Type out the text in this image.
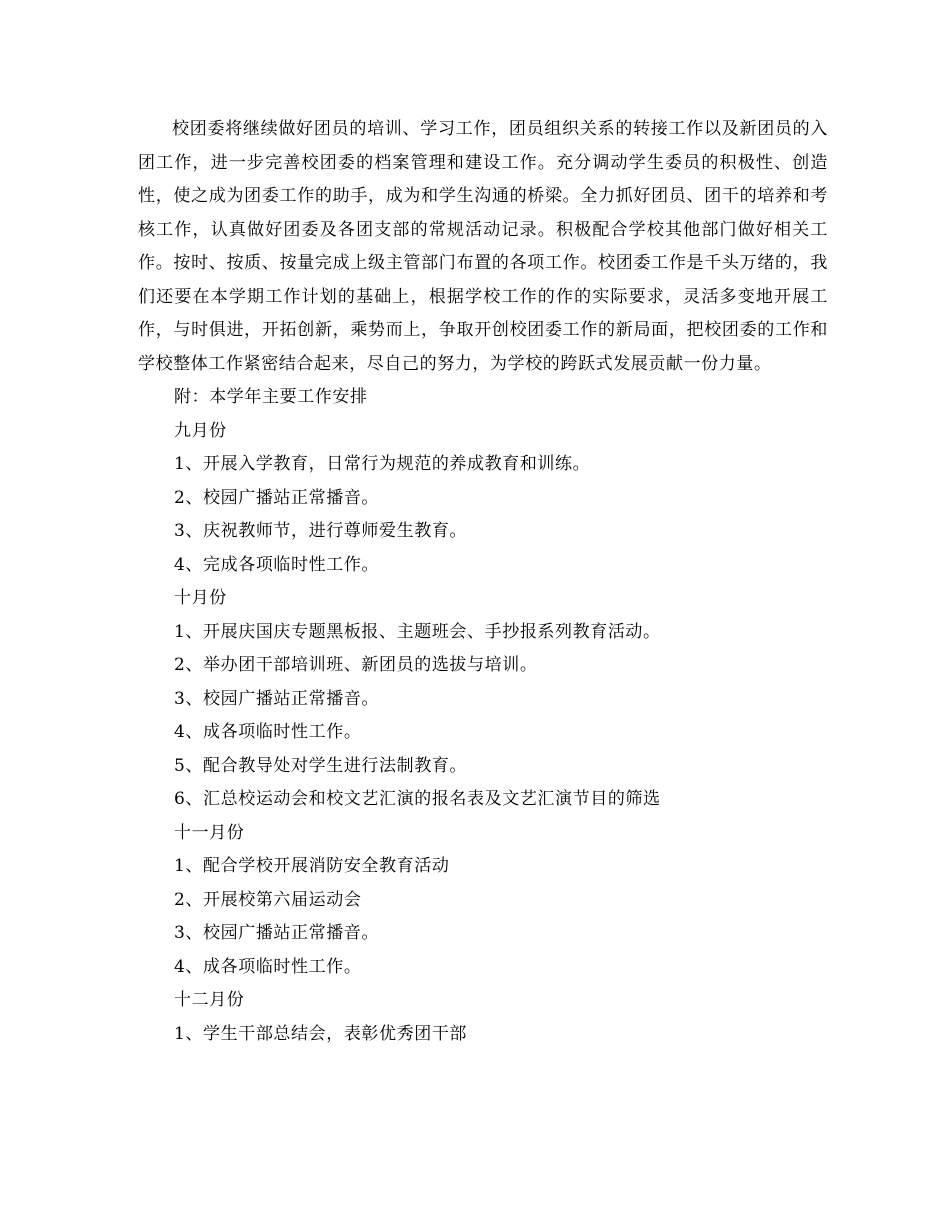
校团委将继续做好团员的培训、学习工作，团员组织关系的转接工作以及新团员的入团工作，进一步完善校团委的档案管理和建设工作。充分调动学生委员的积极性、创造性，使之成为团委工作的助手，成为和学生沟通的桥梁。全力抓好团员、团干的培养和考核工作，认真做好团委及各团支部的常规活动记录。积极配合学校其他部门做好相关工作。按时、按质、按量完成上级主管部门布置的各项工作。校团委工作是千头万绪的，我们还要在本学期工作计划的基础上，根据学校工作的作的实际要求，灵活多变地开展工作，与时俱进，开拓创新，乘势而上，争取开创校团委工作的新局面，把校团委的工作和学校整体工作紧密结合起来，尽自己的努力，为学校的跨跃式发展贡献一份力量。

附：本学年主要工作安排

九月份

1、开展入学教育，日常行为规范的养成教育和训练。

2、校园广播站正常播音。

3、庆祝教师节，进行尊师爱生教育。

4、完成各项临时性工作。

十月份

1、开展庆国庆专题黑板报、主题班会、手抄报系列教育活动。

2、举办团干部培训班、新团员的选拔与培训。

3、校园广播站正常播音。

4、成各项临时性工作。

5、配合教导处对学生进行法制教育。

6、汇总校运动会和校文艺汇演的报名表及文艺汇演节目的筛选

十一月份

1、配合学校开展消防安全教育活动

2、开展校第六届运动会

3、校园广播站正常播音。

4、成各项临时性工作。

十二月份

1、学生干部总结会，表彰优秀团干部
